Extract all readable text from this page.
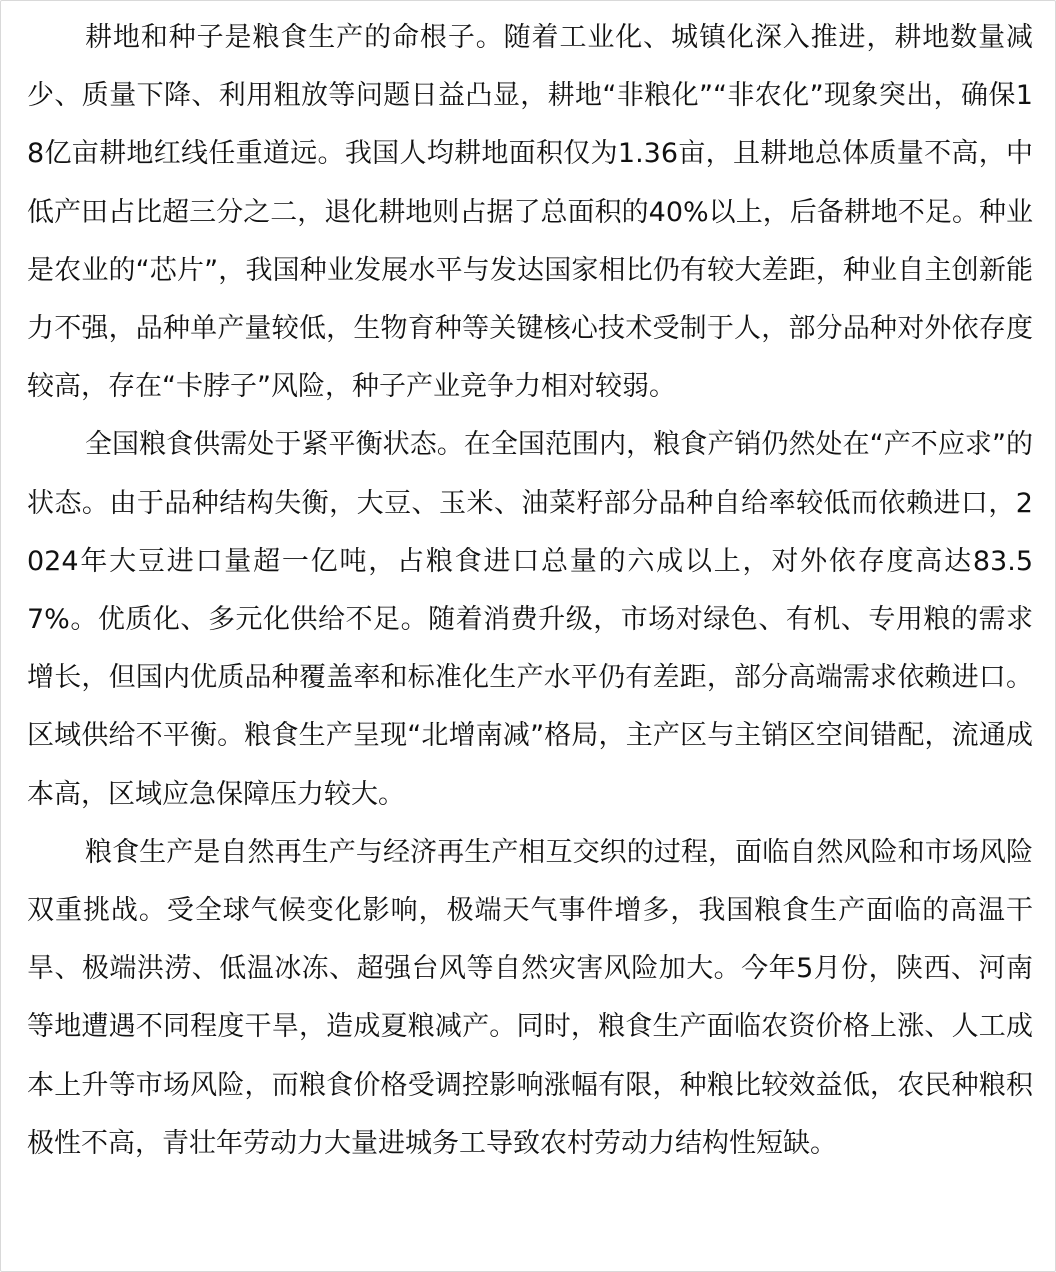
耕地和种子是粮食生产的命根子。随着工业化、城镇化深入推进，耕地数量减少、质量下降、利用粗放等问题日益凸显，耕地“非粮化”“非农化”现象突出，确保18亿亩耕地红线任重道远。我国人均耕地面积仅为1.36亩，且耕地总体质量不高，中低产田占比超三分之二，退化耕地则占据了总面积的40%以上，后备耕地不足。种业是农业的“芯片”，我国种业发展水平与发达国家相比仍有较大差距，种业自主创新能力不强，品种单产量较低，生物育种等关键核心技术受制于人，部分品种对外依存度较高，存在“卡脖子”风险，种子产业竞争力相对较弱。

全国粮食供需处于紧平衡状态。在全国范围内，粮食产销仍然处在“产不应求”的状态。由于品种结构失衡，大豆、玉米、油菜籽部分品种自给率较低而依赖进口，2024年大豆进口量超一亿吨，占粮食进口总量的六成以上，对外依存度高达83.57%。优质化、多元化供给不足。随着消费升级，市场对绿色、有机、专用粮的需求增长，但国内优质品种覆盖率和标准化生产水平仍有差距，部分高端需求依赖进口。区域供给不平衡。粮食生产呈现“北增南减”格局，主产区与主销区空间错配，流通成本高，区域应急保障压力较大。

粮食生产是自然再生产与经济再生产相互交织的过程，面临自然风险和市场风险双重挑战。受全球气候变化影响，极端天气事件增多，我国粮食生产面临的高温干旱、极端洪涝、低温冰冻、超强台风等自然灾害风险加大。今年5月份，陕西、河南等地遭遇不同程度干旱，造成夏粮减产。同时，粮食生产面临农资价格上涨、人工成本上升等市场风险，而粮食价格受调控影响涨幅有限，种粮比较效益低，农民种粮积极性不高，青壮年劳动力大量进城务工导致农村劳动力结构性短缺。
